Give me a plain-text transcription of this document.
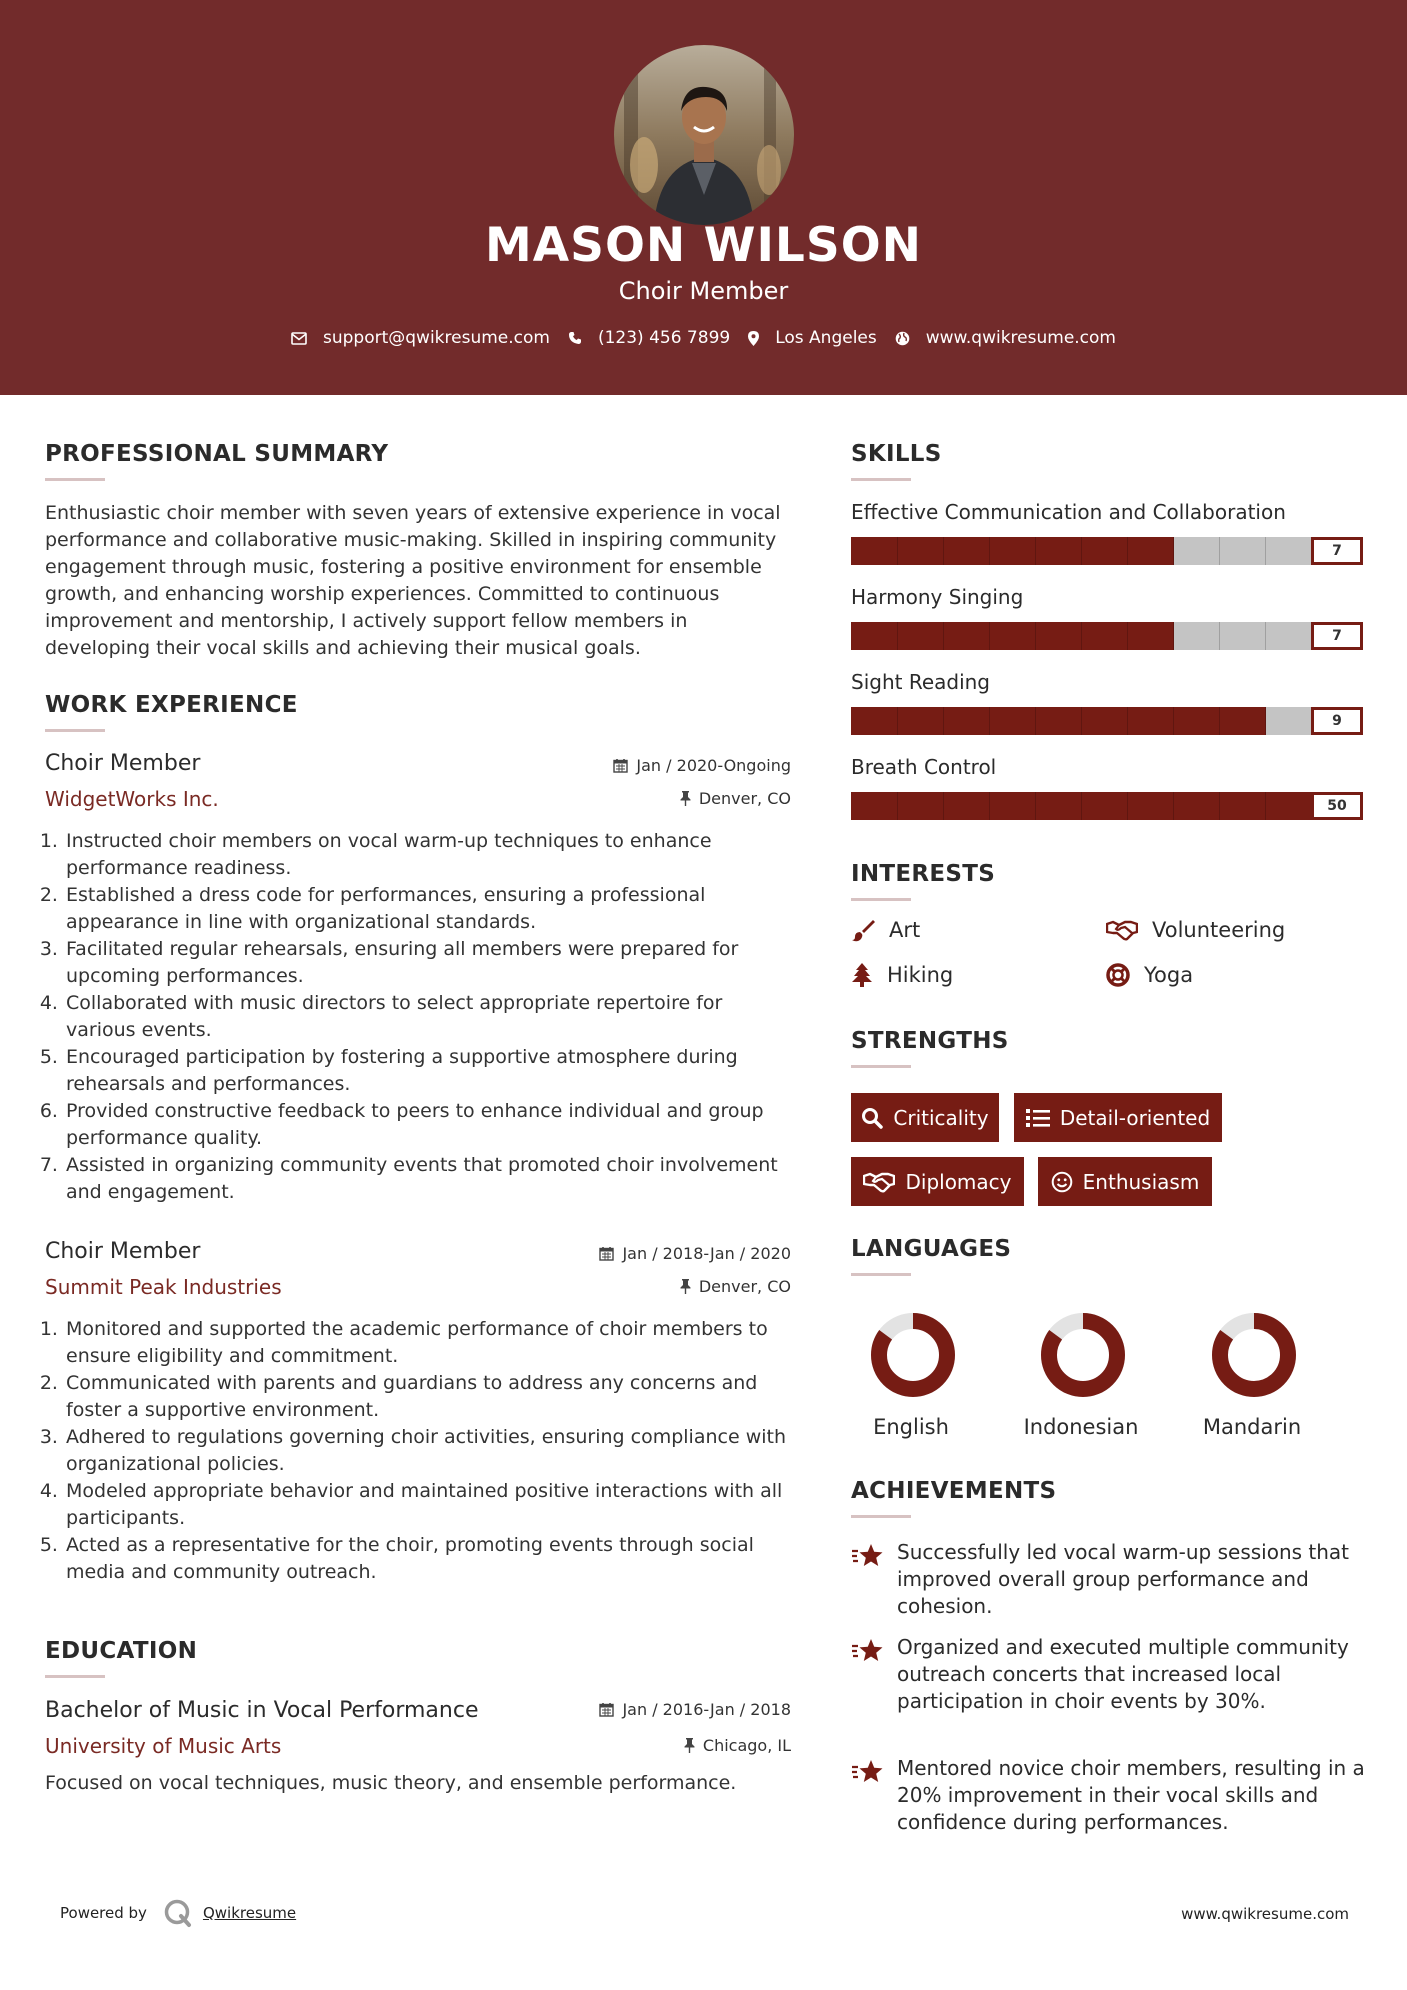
MASON WILSON
Choir Member
support@qwikresume.com	(123) 456 7899	Los Angeles	www.qwikresume.com
PROFESSIONAL SUMMARY
Enthusiastic choir member with seven years of extensive experience in vocal performance and collaborative music-making. Skilled in inspiring community engagement through music, fostering a positive environment for ensemble growth, and enhancing worship experiences. Committed to continuous improvement and mentorship, I actively support fellow members in developing their vocal skills and achieving their musical goals.
WORK EXPERIENCE
Choir Member	Jan / 2020-Ongoing
WidgetWorks Inc.	Denver, CO
1. Instructed choir members on vocal warm-up techniques to enhance performance readiness.
2. Established a dress code for performances, ensuring a professional appearance in line with organizational standards.
3. Facilitated regular rehearsals, ensuring all members were prepared for upcoming performances.
4. Collaborated with music directors to select appropriate repertoire for various events.
5. Encouraged participation by fostering a supportive atmosphere during rehearsals and performances.
6. Provided constructive feedback to peers to enhance individual and group performance quality.
7. Assisted in organizing community events that promoted choir involvement and engagement.
Choir Member	Jan / 2018-Jan / 2020
Summit Peak Industries	Denver, CO
1. Monitored and supported the academic performance of choir members to ensure eligibility and commitment.
2. Communicated with parents and guardians to address any concerns and foster a supportive environment.
3. Adhered to regulations governing choir activities, ensuring compliance with organizational policies.
4. Modeled appropriate behavior and maintained positive interactions with all participants.
5. Acted as a representative for the choir, promoting events through social media and community outreach.
EDUCATION
Bachelor of Music in Vocal Performance	Jan / 2016-Jan / 2018
University of Music Arts	Chicago, IL
Focused on vocal techniques, music theory, and ensemble performance.
SKILLS
Effective Communication and Collaboration
7
Harmony Singing
7
Sight Reading
9
Breath Control
50
INTERESTS
Art	Volunteering
Hiking	Yoga
STRENGTHS
Criticality	Detail-oriented
Diplomacy	Enthusiasm
LANGUAGES
English	Indonesian	Mandarin
ACHIEVEMENTS
Successfully led vocal warm-up sessions that improved overall group performance and cohesion.
Organized and executed multiple community outreach concerts that increased local participation in choir events by 30%.
Mentored novice choir members, resulting in a 20% improvement in their vocal skills and confidence during performances.
Powered by	Qwikresume	www.qwikresume.com
